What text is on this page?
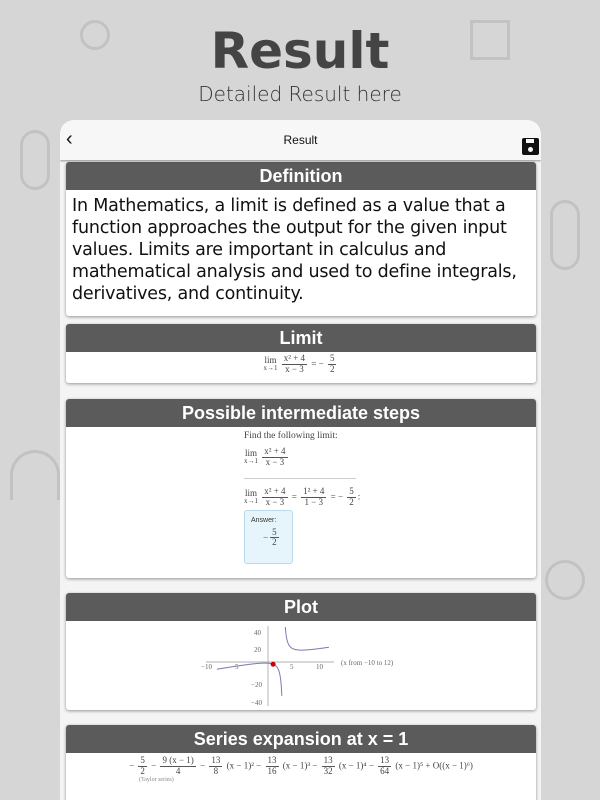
Result
Detailed Result here
‹	Result
Definition
In Mathematics, a limit is defined as a value that a function approaches the output for the given input values. Limits are important in calculus and mathematical analysis and used to define integrals, derivatives, and continuity.
Limit
lim
x→1
$\frac{\text{x² + 4}}{x - 3}$ = − $\frac{5}{2}$
Possible intermediate steps
Find the following limit:
lim
x→1
$\frac{\text{x² + 4}}{x - 3}$
lim
x→1
$\frac{\text{x² + 4}}{x - 3} = \frac{\text{1² + 4}}{1 - 3}$ = − $\frac{5}{2}$ :
Answer:
− $\frac{5}{2}$
Plot
−10	−5	5	10
40
20
−20
−40
(x from −10 to 12)
Series expansion at x = 1
− $\frac{5}{2} - \frac{9 (x - 1)}{4} - \frac{13}{8} (x - 1)^2 - \frac{13}{16} (x - 1)^3 - \frac{13}{32} (x - 1)^4 - \frac{13}{64} (x - 1)^5 + O((x - 1)^6)$
(Taylor series)
